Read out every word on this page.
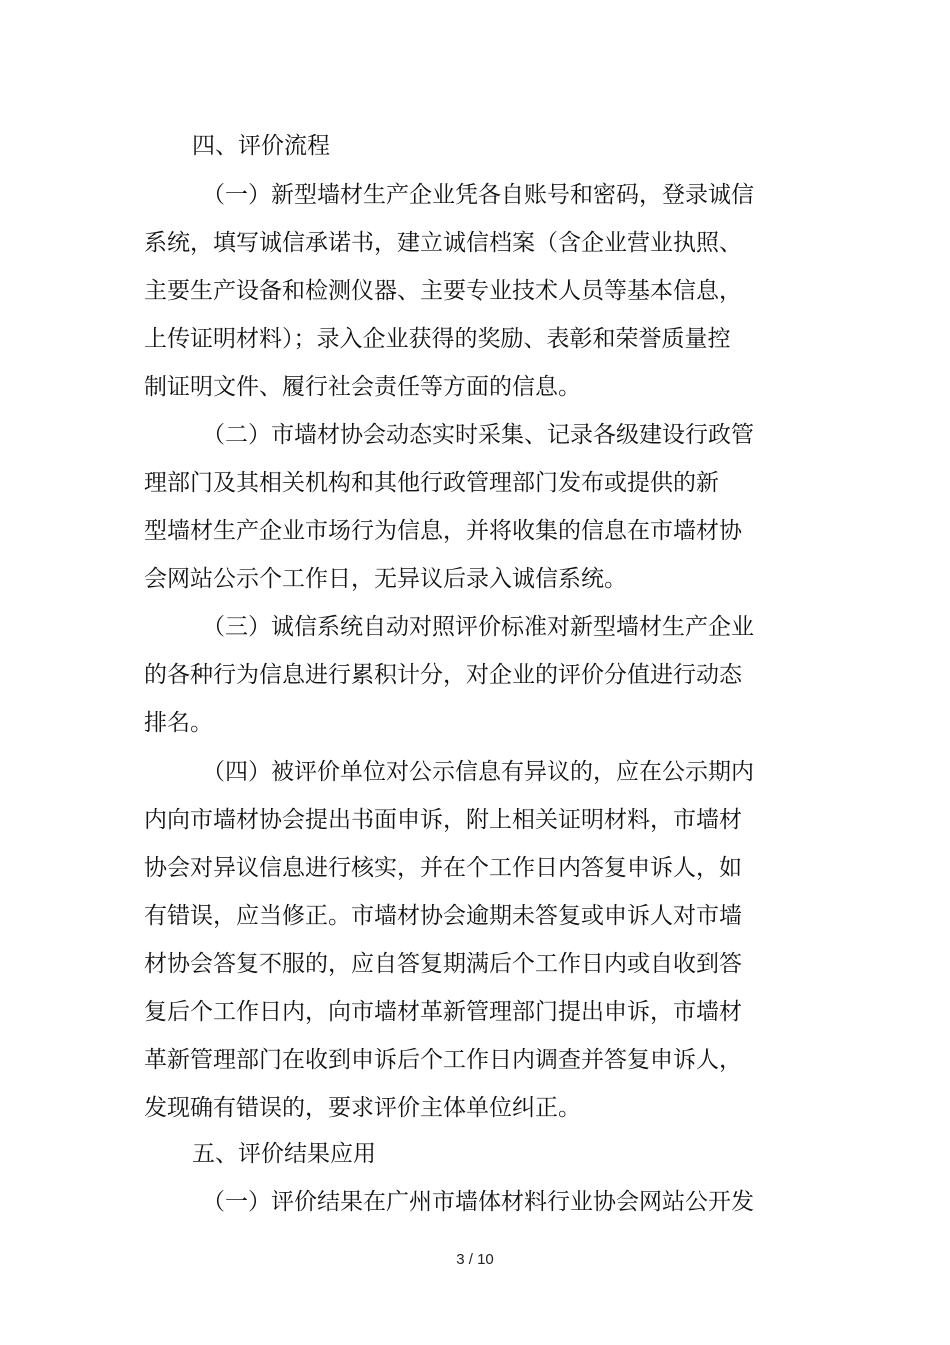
四、评价流程
（一）新型墙材生产企业凭各自账号和密码，登录诚信
系统，填写诚信承诺书，建立诚信档案（含企业营业执照、
主要生产设备和检测仪器、主要专业技术人员等基本信息，
上传证明材料）；录入企业获得的奖励、表彰和荣誉质量控
制证明文件、履行社会责任等方面的信息。
（二）市墙材协会动态实时采集、记录各级建设行政管
理部门及其相关机构和其他行政管理部门发布或提供的新
型墙材生产企业市场行为信息，并将收集的信息在市墙材协
会网站公示个工作日，无异议后录入诚信系统。
（三）诚信系统自动对照评价标准对新型墙材生产企业
的各种行为信息进行累积计分，对企业的评价分值进行动态
排名。
（四）被评价单位对公示信息有异议的，应在公示期内
内向市墙材协会提出书面申诉，附上相关证明材料，市墙材
协会对异议信息进行核实，并在个工作日内答复申诉人，如
有错误，应当修正。市墙材协会逾期未答复或申诉人对市墙
材协会答复不服的，应自答复期满后个工作日内或自收到答
复后个工作日内，向市墙材革新管理部门提出申诉，市墙材
革新管理部门在收到申诉后个工作日内调查并答复申诉人，
发现确有错误的，要求评价主体单位纠正。
五、评价结果应用
（一）评价结果在广州市墙体材料行业协会网站公开发
3 / 10
